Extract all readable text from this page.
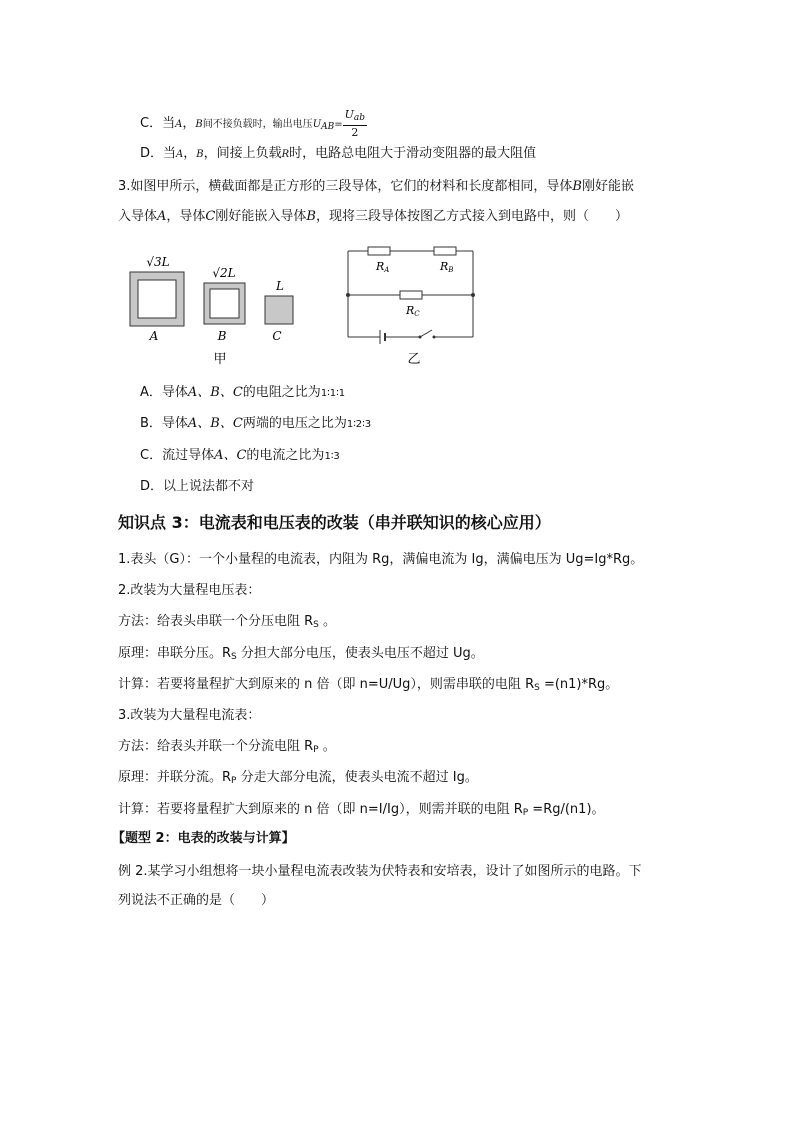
C．当A，B间不接负载时，输出电压$U_{AB}= \frac{U_{ab}}{2}$
D．当A，B，间接上负载R时，电路总电阻大于滑动变阻器的最大阻值
3.如图甲所示，横截面都是正方形的三段导体，它们的材料和长度都相同，导体B刚好能嵌
入导体A，导体C刚好能嵌入导体B，现将三段导体按图乙方式接入到电路中，则（　　）
√3L
A
√2L
B
L
C
甲
RA	RB
RC
乙
A．导体A、B、C的电阻之比为1∶1∶1
B．导体A、B、C两端的电压之比为1∶2∶3
C．流过导体A、C的电流之比为1∶3
D．以上说法都不对
知识点 3：电流表和电压表的改装（串并联知识的核心应用）
1.表头（G）：一个小量程的电流表，内阻为 Rg，满偏电流为 Ig，满偏电压为 Ug=Ig*Rg。
2.改装为大量程电压表：
方法：给表头串联一个分压电阻 $R_S$ 。
原理：串联分压。$R_S$ 分担大部分电压，使表头电压不超过 Ug。
计算：若要将量程扩大到原来的 n 倍（即 n=U/Ug），则需串联的电阻 $R_S =(n1)*Rg$。
3.改装为大量程电流表：
方法：给表头并联一个分流电阻 $R_P$ 。
原理：并联分流。$R_P$ 分走大部分电流，使表头电流不超过 Ig。
计算：若要将量程扩大到原来的 n 倍（即 n=I/Ig），则需并联的电阻 $R_P =Rg/(n1)$。
【题型 2：电表的改装与计算】
例 2.某学习小组想将一块小量程电流表改装为伏特表和安培表，设计了如图所示的电路。下
列说法不正确的是（　　）
